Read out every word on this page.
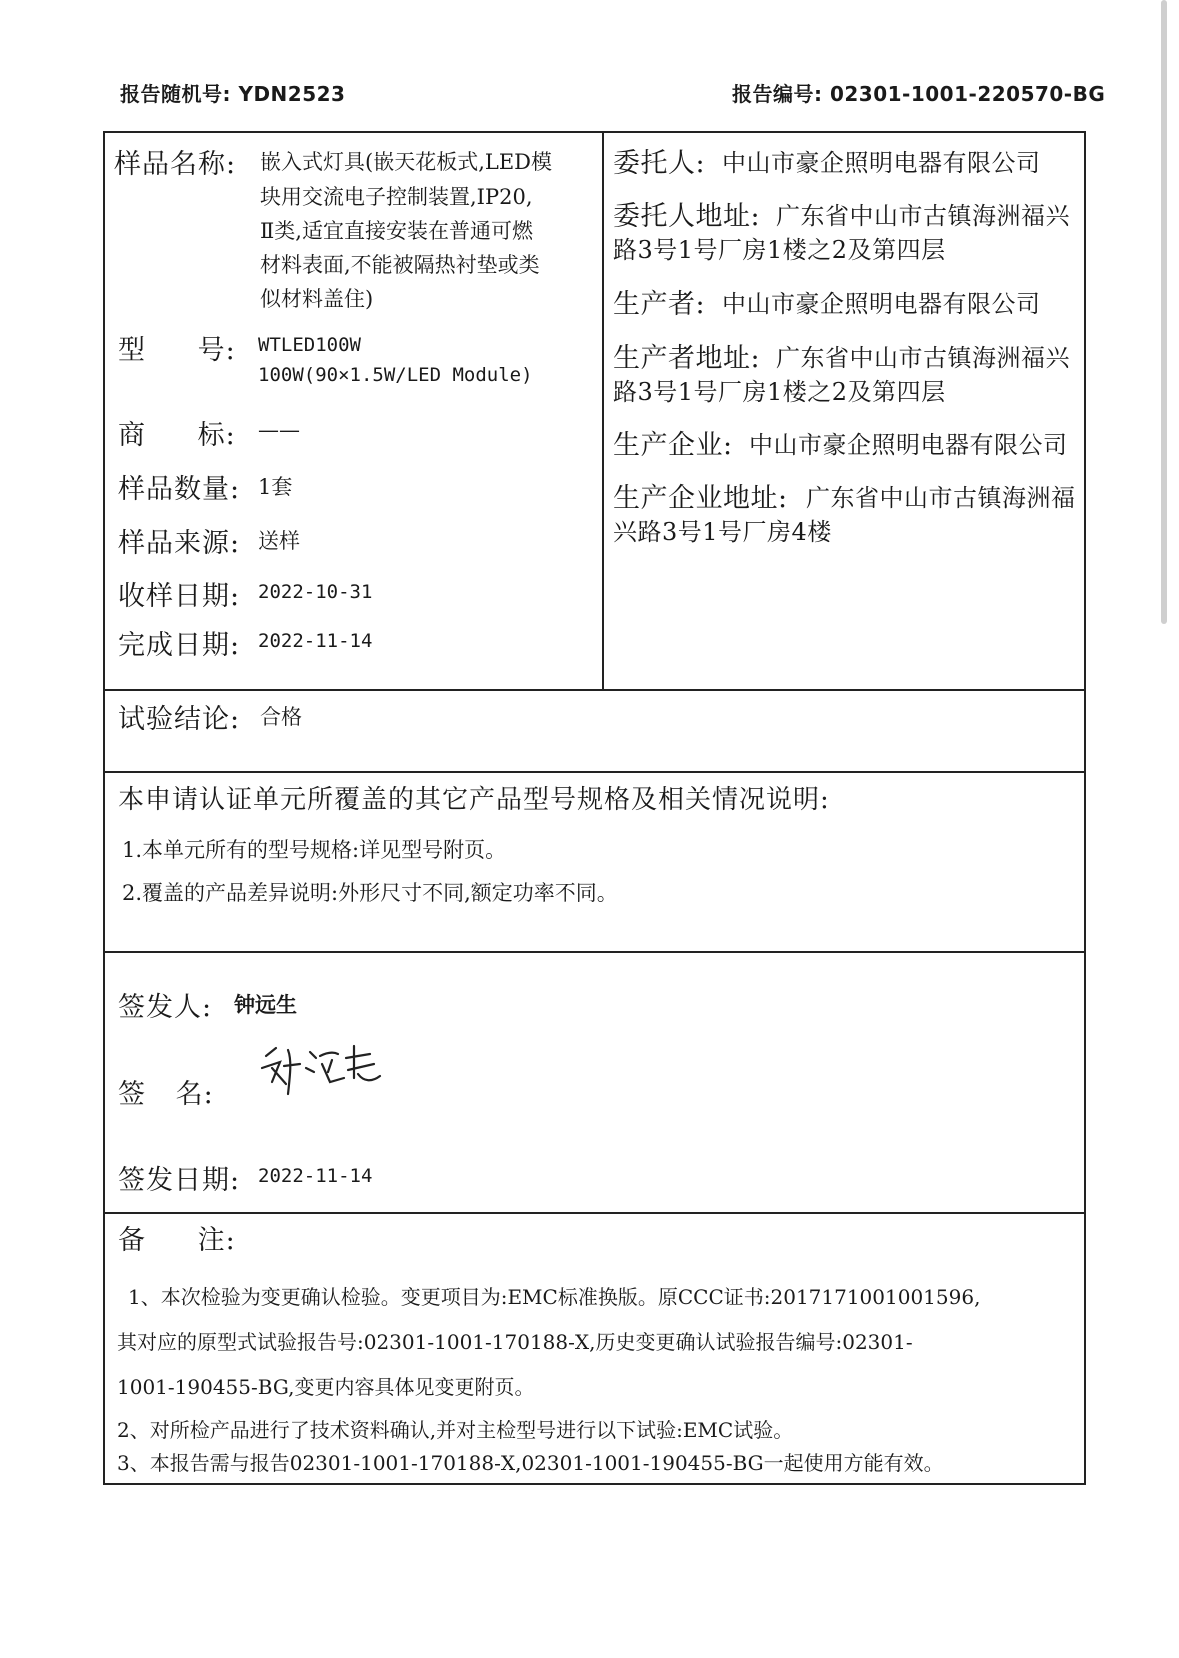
报告随机号: YDN2523	报告编号: 02301-1001-220570-BG
样品名称: 嵌入式灯具(嵌天花板式,LED模
块用交流电子控制装置,IP20,
Ⅱ类,适宜直接安装在普通可燃
材料表面,不能被隔热衬垫或类
似材料盖住)
型 号: WTLED100W
100W(90×1.5W/LED Module)
商 标: ——
样品数量: 1套
样品来源: 送样
收样日期: 2022-10-31
完成日期: 2022-11-14
委托人: 中山市豪企照明电器有限公司
委托人地址: 广东省中山市古镇海洲福兴
路3号1号厂房1楼之2及第四层
生产者: 中山市豪企照明电器有限公司
生产者地址: 广东省中山市古镇海洲福兴
路3号1号厂房1楼之2及第四层
生产企业: 中山市豪企照明电器有限公司
生产企业地址: 广东省中山市古镇海洲福
兴路3号1号厂房4楼
试验结论: 合格
本申请认证单元所覆盖的其它产品型号规格及相关情况说明:
1.本单元所有的型号规格:详见型号附页。
2.覆盖的产品差异说明:外形尺寸不同,额定功率不同。
签发人: 钟远生
签 名:
签发日期: 2022-11-14
备 注:
1、本次检验为变更确认检验。变更项目为:EMC标准换版。原CCC证书:2017171001001596,
其对应的原型式试验报告号:02301-1001-170188-X,历史变更确认试验报告编号:02301-
1001-190455-BG,变更内容具体见变更附页。
2、对所检产品进行了技术资料确认,并对主检型号进行以下试验:EMC试验。
3、本报告需与报告02301-1001-170188-X,02301-1001-190455-BG一起使用方能有效。
